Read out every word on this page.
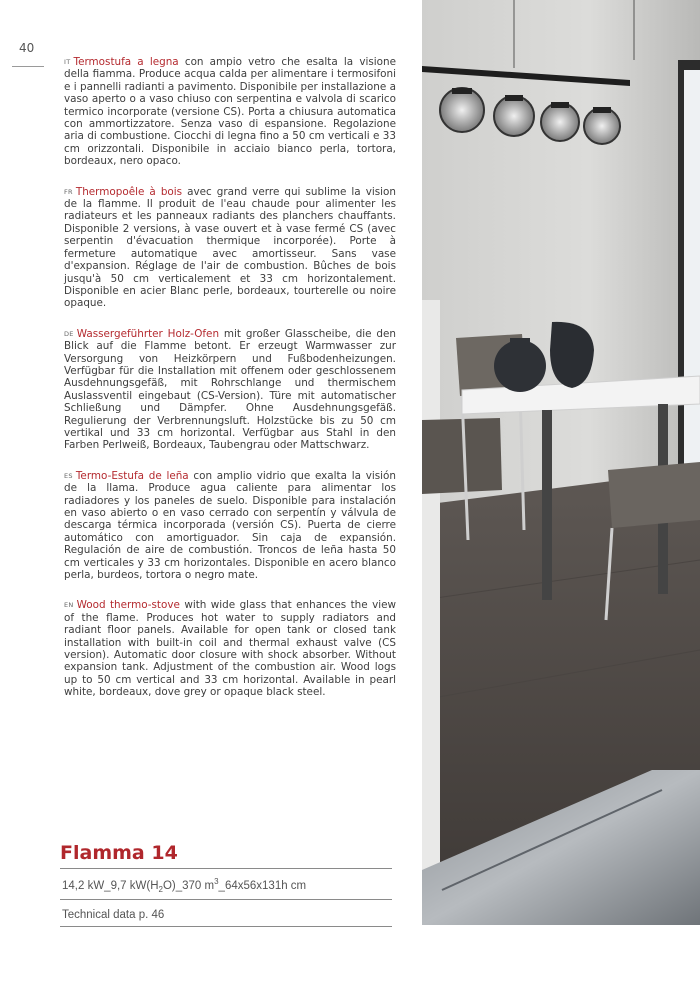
40

IT Termostufa a legna con ampio vetro che esalta la visione della fiamma. Produce acqua calda per alimentare i termosifoni e i pannelli radianti a pavimento. Disponibile per installazione a vaso aperto o a vaso chiuso con serpentina e valvola di scarico termico incorporate (versione CS). Porta a chiusura automatica con ammortizzatore. Senza vaso di espansione. Regolazione aria di combustione. Ciocchi di legna fino a 50 cm verticali e 33 cm orizzontali. Disponibile in acciaio bianco perla, tortora, bordeaux, nero opaco.

FR Thermopoêle à bois avec grand verre qui sublime la vision de la flamme. Il produit de l'eau chaude pour alimenter les radiateurs et les panneaux radiants des planchers chauffants. Disponible 2 versions, à vase ouvert et à vase fermé CS (avec serpentin d'évacuation thermique incorporée). Porte à fermeture automatique avec amortisseur. Sans vase d'expansion. Réglage de l'air de combustion. Bûches de bois jusqu'à 50 cm verticalement et 33 cm horizontalement. Disponible en acier Blanc perle, bordeaux, tourterelle ou noire opaque.

DE Wassergeführter Holz-Ofen mit großer Glasscheibe, die den Blick auf die Flamme betont. Er erzeugt Warmwasser zur Versorgung von Heizkörpern und Fußbodenheizungen. Verfügbar für die Installation mit offenem oder geschlossenem Ausdehnungsgefäß, mit Rohrschlange und thermischem Auslassventil eingebaut (CS-Version). Türe mit automatischer Schließung und Dämpfer. Ohne Ausdehnungsgefäß. Regulierung der Verbrennungsluft. Holzstücke bis zu 50 cm vertikal und 33 cm horizontal. Verfügbar aus Stahl in den Farben Perlweiß, Bordeaux, Taubengrau oder Mattschwarz.

ES Termo-Estufa de leña con amplio vidrio que exalta la visión de la llama. Produce agua caliente para alimentar los radiadores y los paneles de suelo. Disponible para instalación en vaso abierto o en vaso cerrado con serpentín y válvula de descarga térmica incorporada (versión CS). Puerta de cierre automático con amortiguador. Sin caja de expansión. Regulación de aire de combustión. Troncos de leña hasta 50 cm verticales y 33 cm horizontales. Disponible en acero blanco perla, burdeos, tortora o negro mate.

EN Wood thermo-stove with wide glass that enhances the view of the flame. Produces hot water to supply radiators and radiant floor panels. Available for open tank or closed tank installation with built-in coil and thermal exhaust valve (CS version). Automatic door closure with shock absorber. Without expansion tank. Adjustment of the combustion air. Wood logs up to 50 cm vertical and 33 cm horizontal. Available in pearl white, bordeaux, dove grey or opaque black steel.

Flamma 14
14,2 kW_9,7 $kW(H_2O)\_370$ $m^3\_64x56x131h$ cm
Technical data p. 46
